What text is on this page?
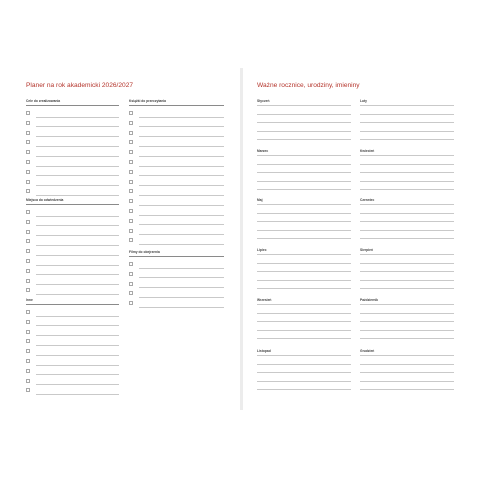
Planer na rok akademicki 2026/2027
Cele do zrealizowania	Książki do przeczytania
Miejsca do odwiedzenia
Filmy do obejrzenia
Inne
Ważne rocznice, urodziny, imieniny
Styczeń	Luty
Marzec	Kwiecień
Maj	Czerwiec
Lipiec	Sierpień
Wrzesień	Październik
Listopad	Grudzień
